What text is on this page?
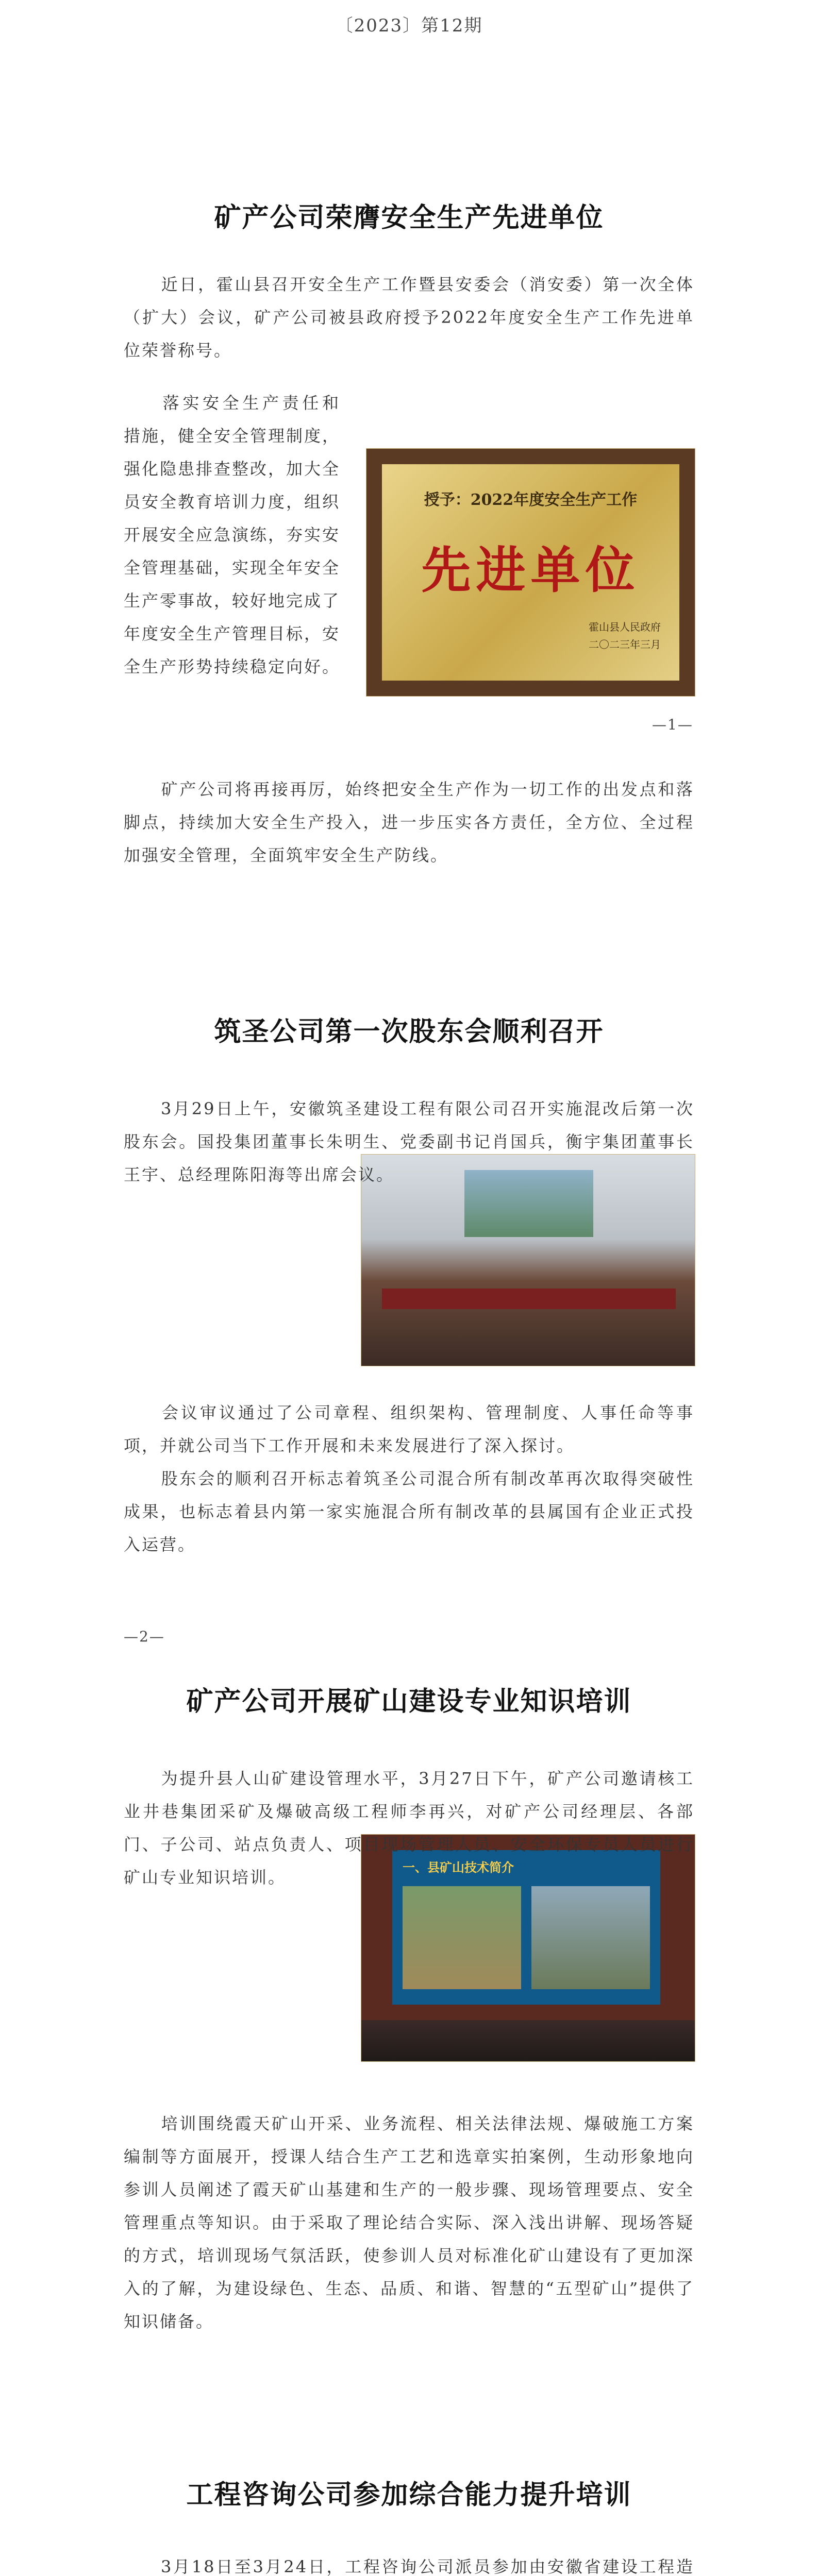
〔2023〕第12期
矿产公司荣膺安全生产先进单位

近日，霍山县召开安全生产工作暨县安委会（消安委）第一次全体（扩大）会议，矿产公司被县政府授予2022年度安全生产工作先进单位荣誉称号。

授予：2022年度安全生产工作
先进单位
霍山县人民政府
二〇二三年三月

落实安全生产责任和措施，健全安全管理制度，强化隐患排查整改，加大全员安全教育培训力度，组织开展安全应急演练，夯实安全管理基础，实现全年安全生产零事故，较好地完成了年度安全生产管理目标，安全生产形势持续稳定向好。

—1—

矿产公司将再接再厉，始终把安全生产作为一切工作的出发点和落脚点，持续加大安全生产投入，进一步压实各方责任，全方位、全过程加强安全管理，全面筑牢安全生产防线。

筑圣公司第一次股东会顺利召开

3月29日上午，安徽筑圣建设工程有限公司召开实施混改后第一次股东会。国投集团董事长朱明生、党委副书记肖国兵，衡宇集团董事长王宇、总经理陈阳海等出席会议。

会议审议通过了公司章程、组织架构、管理制度、人事任命等事项，并就公司当下工作开展和未来发展进行了深入探讨。

股东会的顺利召开标志着筑圣公司混合所有制改革再次取得突破性成果，也标志着县内第一家实施混合所有制改革的县属国有企业正式投入运营。

—2—
矿产公司开展矿山建设专业知识培训
一、县矿山技术简介

为提升县人山矿建设管理水平，3月27日下午，矿产公司邀请核工业井巷集团采矿及爆破高级工程师李再兴，对矿产公司经理层、各部门、子公司、站点负责人、项目现场管理人员、安全环保专员人员进行矿山专业知识培训。

培训围绕霞天矿山开采、业务流程、相关法律法规、爆破施工方案编制等方面展开，授课人结合生产工艺和选章实拍案例，生动形象地向参训人员阐述了霞天矿山基建和生产的一般步骤、现场管理要点、安全管理重点等知识。由于采取了理论结合实际、深入浅出讲解、现场答疑的方式，培训现场气氛活跃，使参训人员对标准化矿山建设有了更加深入的了解，为建设绿色、生态、品质、和谐、智慧的“五型矿山”提供了知识储备。

工程咨询公司参加综合能力提升培训

3月18日至3月24日，工程咨询公司派员参加由安徽省建设工程造
